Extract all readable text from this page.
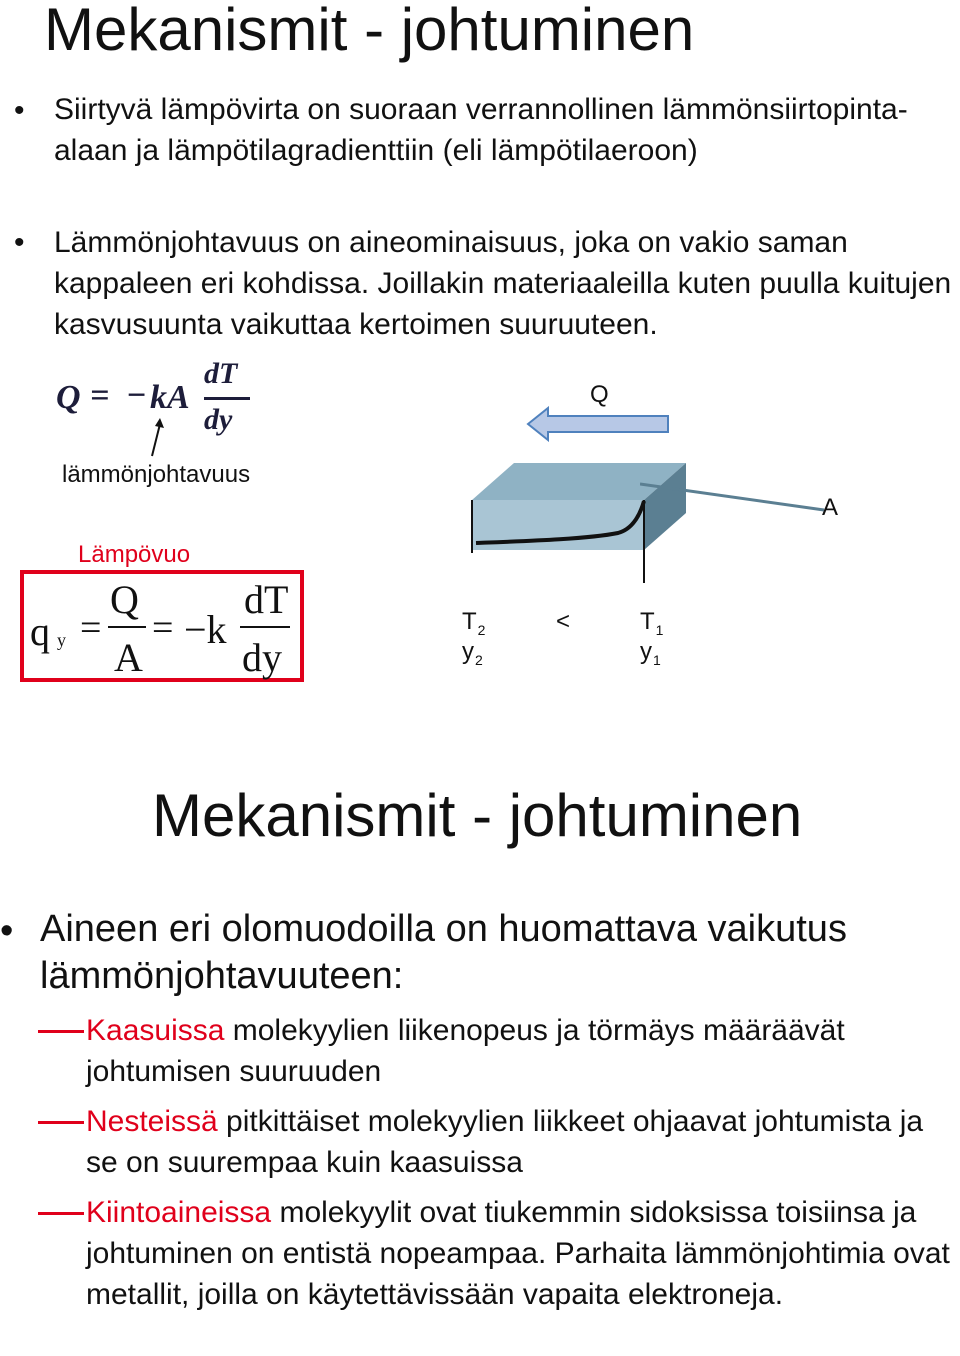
Mekanismit - johtuminen
• Siirtyvä lämpövirta on suoraan verrannollinen lämmönsiirtopinta-alaan ja lämpötilagradienttiin (eli lämpötilaeroon)
• Lämmönjohtavuus on aineominaisuus, joka on vakio saman kappaleen eri kohdissa. Joillakin materiaaleilla kuten puulla kuitujen kasvusuunta vaikuttaa kertoimen suuruuteen.
Q = − kA
dT
dy
lämmönjohtavuus
Lämpövuo
q y =
Q
A
= −k
dT
dy
Q
A
$T_2$
$y_2$
<	$T_1$
$y_1$
Mekanismit - johtuminen
• Aineen eri olomuodoilla on huomattava vaikutus lämmönjohtavuuteen:
Kaasuissa molekyylien liikenopeus ja törmäys määräävät johtumisen suuruuden
Nesteissä pitkittäiset molekyylien liikkeet ohjaavat johtumista ja se on suurempaa kuin kaasuissa
Kiintoaineissa molekyylit ovat tiukemmin sidoksissa toisiinsa ja johtuminen on entistä nopeampaa. Parhaita lämmönjohtimia ovat metallit, joilla on käytettävissään vapaita elektroneja.
